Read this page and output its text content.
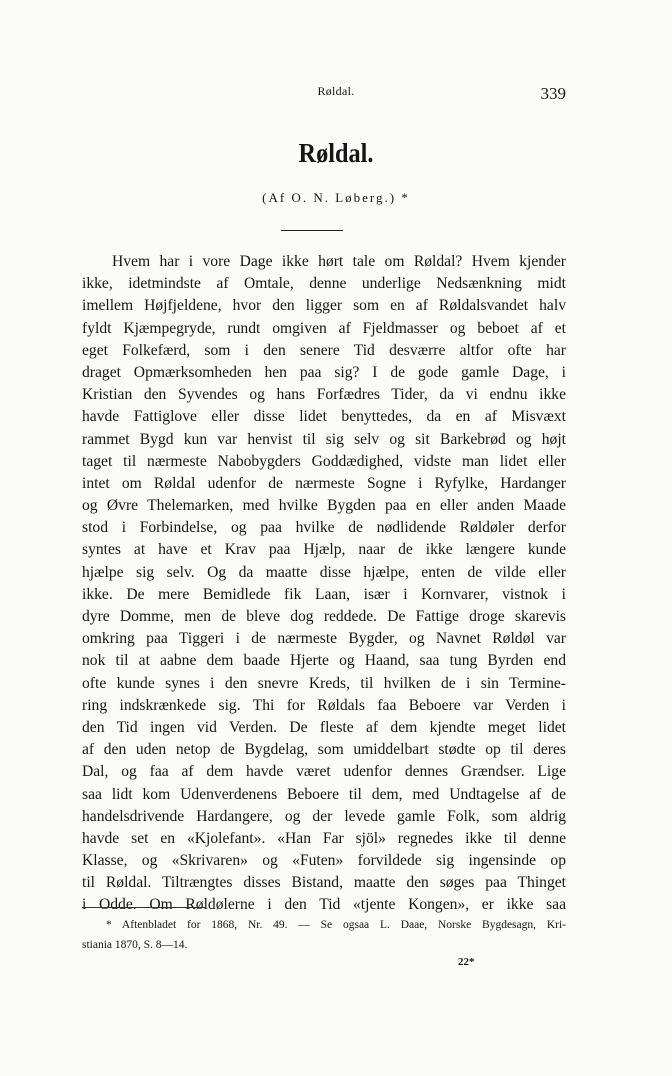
Røldal.	339
Røldal.
(Af O. N. Løberg.) *
Hvem har i vore Dage ikke hørt tale om Røldal? Hvem kjender
ikke, idetmindste af Omtale, denne underlige Nedsænkning midt
imellem Højfjeldene, hvor den ligger som en af Røldalsvandet halv
fyldt Kjæmpegryde, rundt omgiven af Fjeldmasser og beboet af et
eget Folkefærd, som i den senere Tid desværre altfor ofte har
draget Opmærksomheden hen paa sig? I de gode gamle Dage, i
Kristian den Syvendes og hans Forfædres Tider, da vi endnu ikke
havde Fattiglove eller disse lidet benyttedes, da en af Misvæxt
rammet Bygd kun var henvist til sig selv og sit Barkebrød og højt
taget til nærmeste Nabobygders Goddædighed, vidste man lidet eller
intet om Røldal udenfor de nærmeste Sogne i Ryfylke, Hardanger
og Øvre Thelemarken, med hvilke Bygden paa en eller anden Maade
stod i Forbindelse, og paa hvilke de nødlidende Røldøler derfor
syntes at have et Krav paa Hjælp, naar de ikke længere kunde
hjælpe sig selv. Og da maatte disse hjælpe, enten de vilde eller
ikke. De mere Bemidlede fik Laan, især i Kornvarer, vistnok i
dyre Domme, men de bleve dog reddede. De Fattige droge skarevis
omkring paa Tiggeri i de nærmeste Bygder, og Navnet Røldøl var
nok til at aabne dem baade Hjerte og Haand, saa tung Byrden end
ofte kunde synes i den snevre Kreds, til hvilken de i sin Termine-
ring indskrænkede sig. Thi for Røldals faa Beboere var Verden i
den Tid ingen vid Verden. De fleste af dem kjendte meget lidet
af den uden netop de Bygdelag, som umiddelbart stødte op til deres
Dal, og faa af dem havde været udenfor dennes Grændser. Lige
saa lidt kom Udenverdenens Beboere til dem, med Undtagelse af de
handelsdrivende Hardangere, og der levede gamle Folk, som aldrig
havde set en «Kjolefant». «Han Far sjöl» regnedes ikke til denne
Klasse, og «Skrivaren» og «Futen» forvildede sig ingensinde op
til Røldal. Tiltrængtes disses Bistand, maatte den søges paa Thinget
i Odde. Om Røldølerne i den Tid «tjente Kongen», er ikke saa
* Aftenbladet for 1868, Nr. 49. — Se ogsaa L. Daae, Norske Bygdesagn, Kri-
stiania 1870, S. 8—14.
22*
